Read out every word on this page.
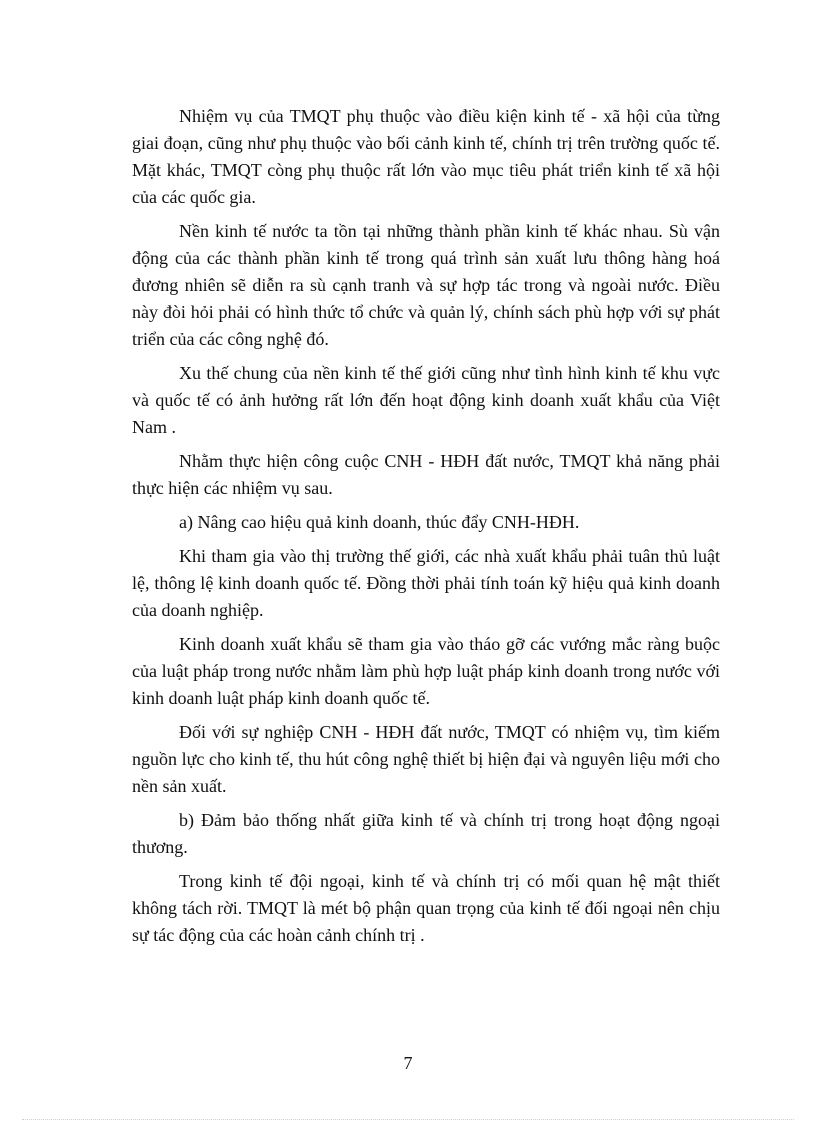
Nhiệm vụ của TMQT phụ thuộc vào điều kiện kinh tế - xã hội của từng giai đoạn, cũng như phụ thuộc vào bối cảnh kinh tế, chính trị trên trường quốc tế. Mặt khác, TMQT còng phụ thuộc rất lớn vào mục tiêu phát triển kinh tế xã hội của các quốc gia.

Nền kinh tế nước ta tồn tại những thành phần kinh tế khác nhau. Sù vận động của các thành phần kinh tế trong quá trình sản xuất lưu thông hàng hoá đương nhiên sẽ diễn ra sù cạnh tranh và sự hợp tác trong và ngoài nước. Điều này đòi hỏi phải có hình thức tổ chức và quản lý, chính sách phù hợp với sự phát triển của các công nghệ đó.

Xu thế chung của nền kinh tế thế giới cũng như tình hình kinh tế khu vực và quốc tế có ảnh hưởng rất lớn đến hoạt động kinh doanh xuất khẩu của Việt Nam .

Nhằm thực hiện công cuộc CNH - HĐH đất nước, TMQT khả năng phải thực hiện các nhiệm vụ sau.

a) Nâng cao hiệu quả kinh doanh, thúc đẩy CNH-HĐH.

Khi tham gia vào thị trường thế giới, các nhà xuất khẩu phải tuân thủ luật lệ, thông lệ kinh doanh quốc tế. Đồng thời phải tính toán kỹ hiệu quả kinh doanh của doanh nghiệp.

Kinh doanh xuất khẩu sẽ tham gia vào tháo gỡ các vướng mắc ràng buộc của luật pháp trong nước nhằm làm phù hợp luật pháp kinh doanh trong nước với kinh doanh luật pháp kinh doanh quốc tế.

Đối với sự nghiệp CNH - HĐH đất nước, TMQT có nhiệm vụ, tìm kiếm nguồn lực cho kinh tế, thu hút công nghệ thiết bị hiện đại và nguyên liệu mới cho nền sản xuất.

b) Đảm bảo thống nhất giữa kinh tế và chính trị trong hoạt động ngoại thương.

Trong kinh tế đội ngoại, kinh tế và chính trị có mối quan hệ mật thiết không tách rời. TMQT là mét bộ phận quan trọng của kinh tế đối ngoại nên chịu sự tác động của các hoàn cảnh chính trị .

7
